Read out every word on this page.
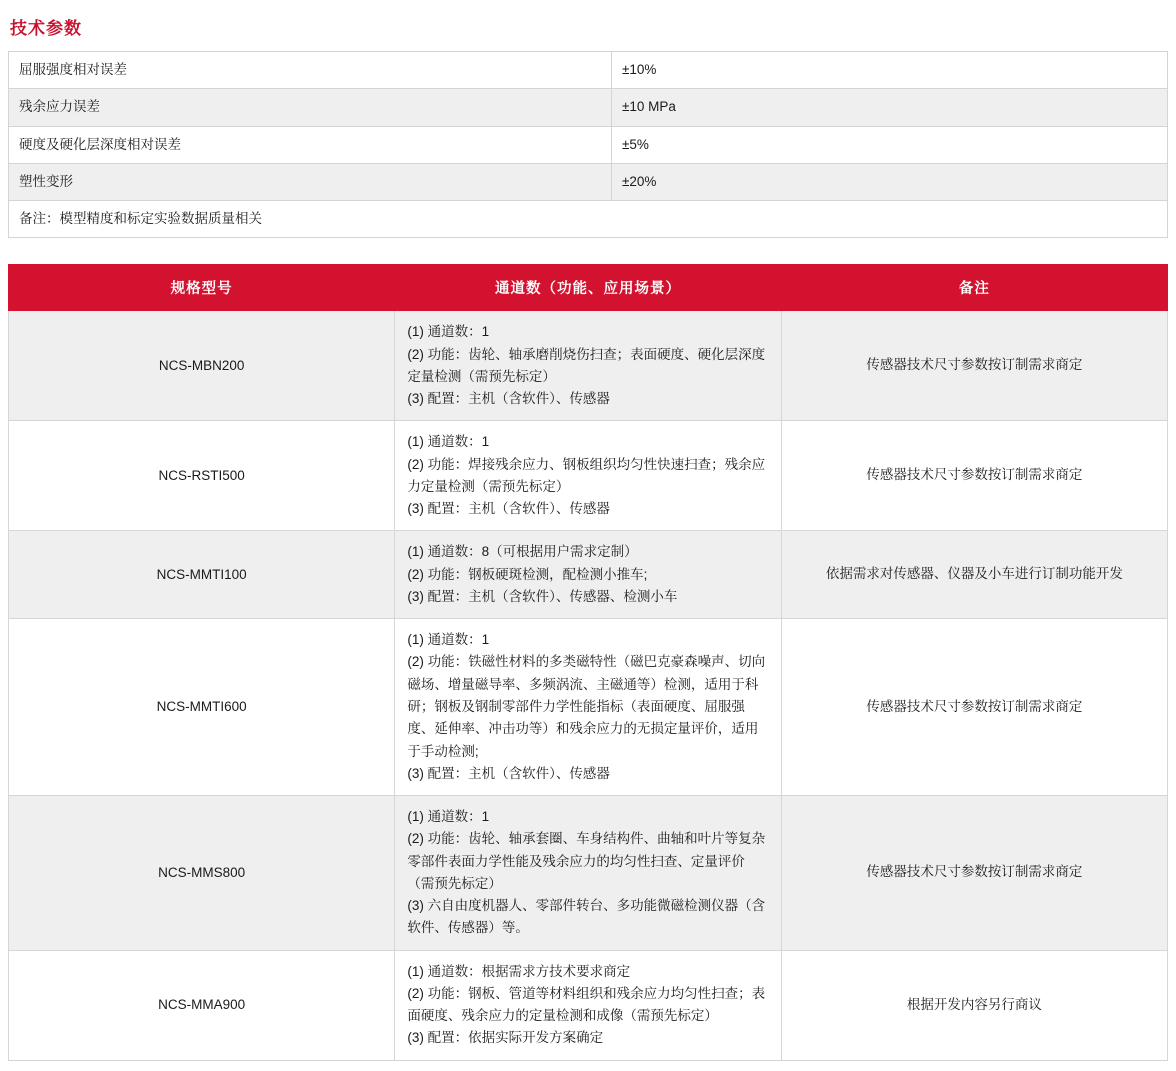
技术参数
屈服强度相对误差	±10%
残余应力误差	±10 MPa
硬度及硬化层深度相对误差	±5%
塑性变形	±20%
备注：模型精度和标定实验数据质量相关	
规格型号	通道数（功能、应用场景）	备注
NCS-MBN200	(1) 通道数：1
(2) 功能：齿轮、轴承磨削烧伤扫查；表面硬度、硬化层深度定量检测（需预先标定）
(3) 配置：主机（含软件）、传感器	传感器技术尺寸参数按订制需求商定
NCS-RSTI500	(1) 通道数：1
(2) 功能：焊接残余应力、钢板组织均匀性快速扫查；残余应力定量检测（需预先标定）
(3) 配置：主机（含软件）、传感器	传感器技术尺寸参数按订制需求商定
NCS-MMTI100	(1) 通道数：8（可根据用户需求定制）
(2) 功能：钢板硬斑检测，配检测小推车;
(3) 配置：主机（含软件）、传感器、检测小车	依据需求对传感器、仪器及小车进行订制功能开发
NCS-MMTI600	(1) 通道数：1
(2) 功能：铁磁性材料的多类磁特性（磁巴克豪森噪声、切向磁场、增量磁导率、多频涡流、主磁通等）检测，适用于科研；钢板及钢制零部件力学性能指标（表面硬度、屈服强度、延伸率、冲击功等）和残余应力的无损定量评价，适用于手动检测;
(3) 配置：主机（含软件）、传感器	传感器技术尺寸参数按订制需求商定
NCS-MMS800	(1) 通道数：1
(2) 功能：齿轮、轴承套圈、车身结构件、曲轴和叶片等复杂零部件表面力学性能及残余应力的均匀性扫查、定量评价（需预先标定）
(3) 六自由度机器人、零部件转台、多功能微磁检测仪器（含软件、传感器）等。	传感器技术尺寸参数按订制需求商定
NCS-MMA900	(1) 通道数：根据需求方技术要求商定
(2) 功能：钢板、管道等材料组织和残余应力均匀性扫查；表面硬度、残余应力的定量检测和成像（需预先标定）
(3) 配置：依据实际开发方案确定	根据开发内容另行商议
